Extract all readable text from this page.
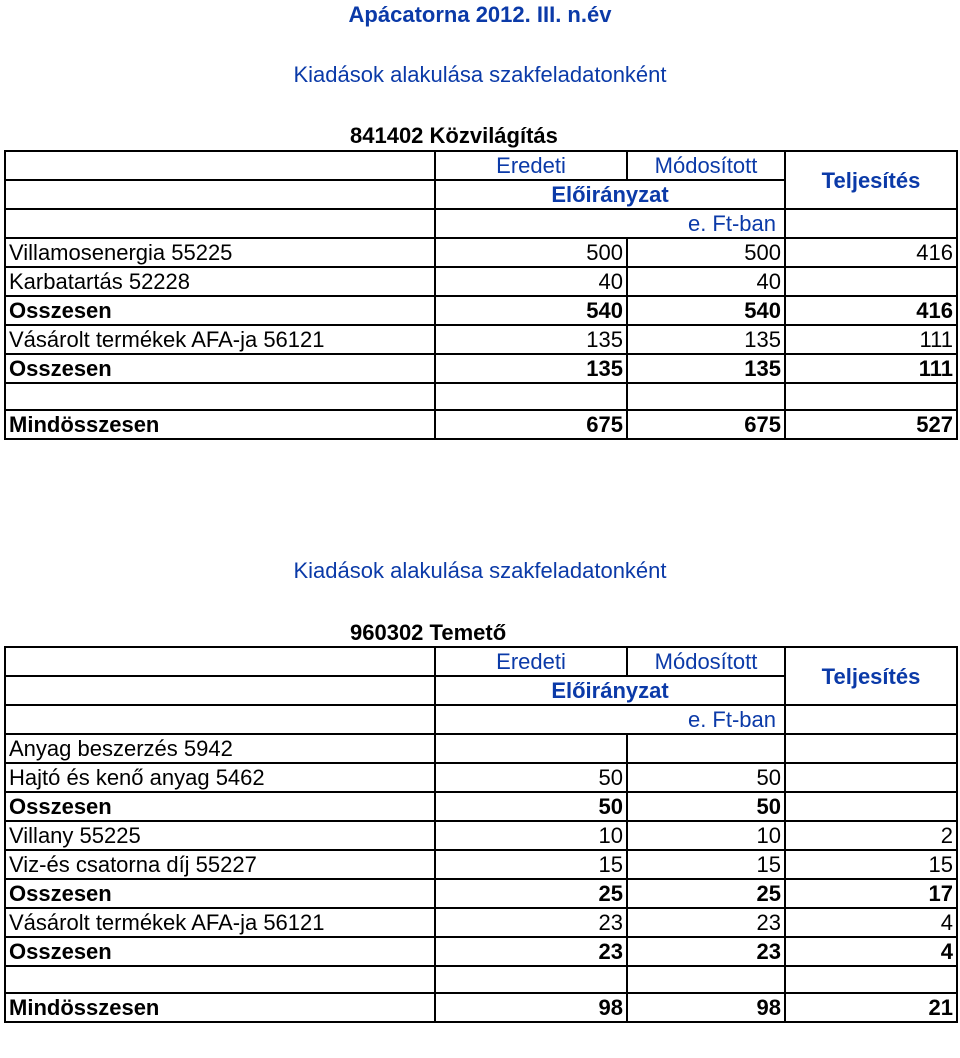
Apácatorna 2012. III. n.év
Kiadások alakulása szakfeladatonként
841402 Közvilágítás
	Eredeti	Módosított	Teljesítés
	Előirányzat		
	e. Ft-ban		
Villamosenergia 55225	500	500	416
Karbatartás 52228	40	40	
Osszesen	540	540	416
Vásárolt termékek AFA-ja 56121	135	135	111
Osszesen	135	135	111

Mindösszesen	675	675	527
Kiadások alakulása szakfeladatonként
960302 Temető
	Eredeti	Módosított	Teljesítés
	Előirányzat		
	e. Ft-ban		
Anyag beszerzés 5942			
Hajtó és kenő anyag 5462	50	50	
Osszesen	50	50	
Villany 55225	10	10	2
Viz-és csatorna díj 55227	15	15	15
Osszesen	25	25	17
Vásárolt termékek AFA-ja 56121	23	23	4
Osszesen	23	23	4

Mindösszesen	98	98	21
